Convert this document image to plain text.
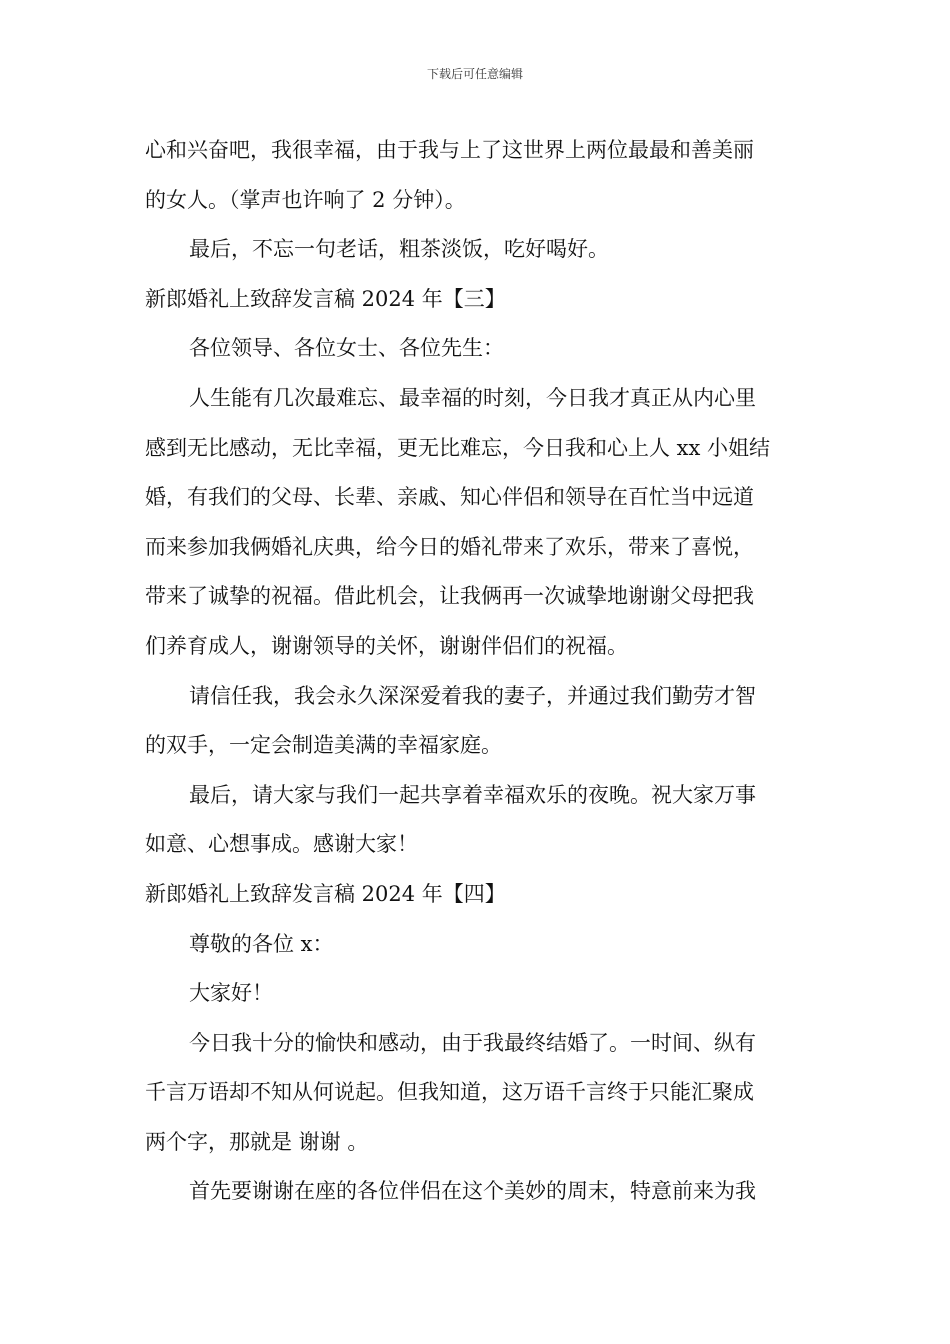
下载后可任意编辑
心和兴奋吧，我很幸福，由于我与上了这世界上两位最最和善美丽
的女人。（掌声也许响了 2 分钟）。
最后，不忘一句老话，粗茶淡饭，吃好喝好。
新郎婚礼上致辞发言稿 2024 年【三】
各位领导、各位女士、各位先生：
人生能有几次最难忘、最幸福的时刻，今日我才真正从内心里
感到无比感动，无比幸福，更无比难忘，今日我和心上人 xx 小姐结
婚，有我们的父母、长辈、亲戚、知心伴侣和领导在百忙当中远道
而来参加我俩婚礼庆典，给今日的婚礼带来了欢乐，带来了喜悦，
带来了诚挚的祝福。借此机会，让我俩再一次诚挚地谢谢父母把我
们养育成人，谢谢领导的关怀，谢谢伴侣们的祝福。
请信任我，我会永久深深爱着我的妻子，并通过我们勤劳才智
的双手，一定会制造美满的幸福家庭。
最后，请大家与我们一起共享着幸福欢乐的夜晚。祝大家万事
如意、心想事成。感谢大家！
新郎婚礼上致辞发言稿 2024 年【四】
尊敬的各位 x：
大家好！
今日我十分的愉快和感动，由于我最终结婚了。一时间、纵有
千言万语却不知从何说起。但我知道，这万语千言终于只能汇聚成
两个字，那就是 谢谢 。
首先要谢谢在座的各位伴侣在这个美妙的周末，特意前来为我
